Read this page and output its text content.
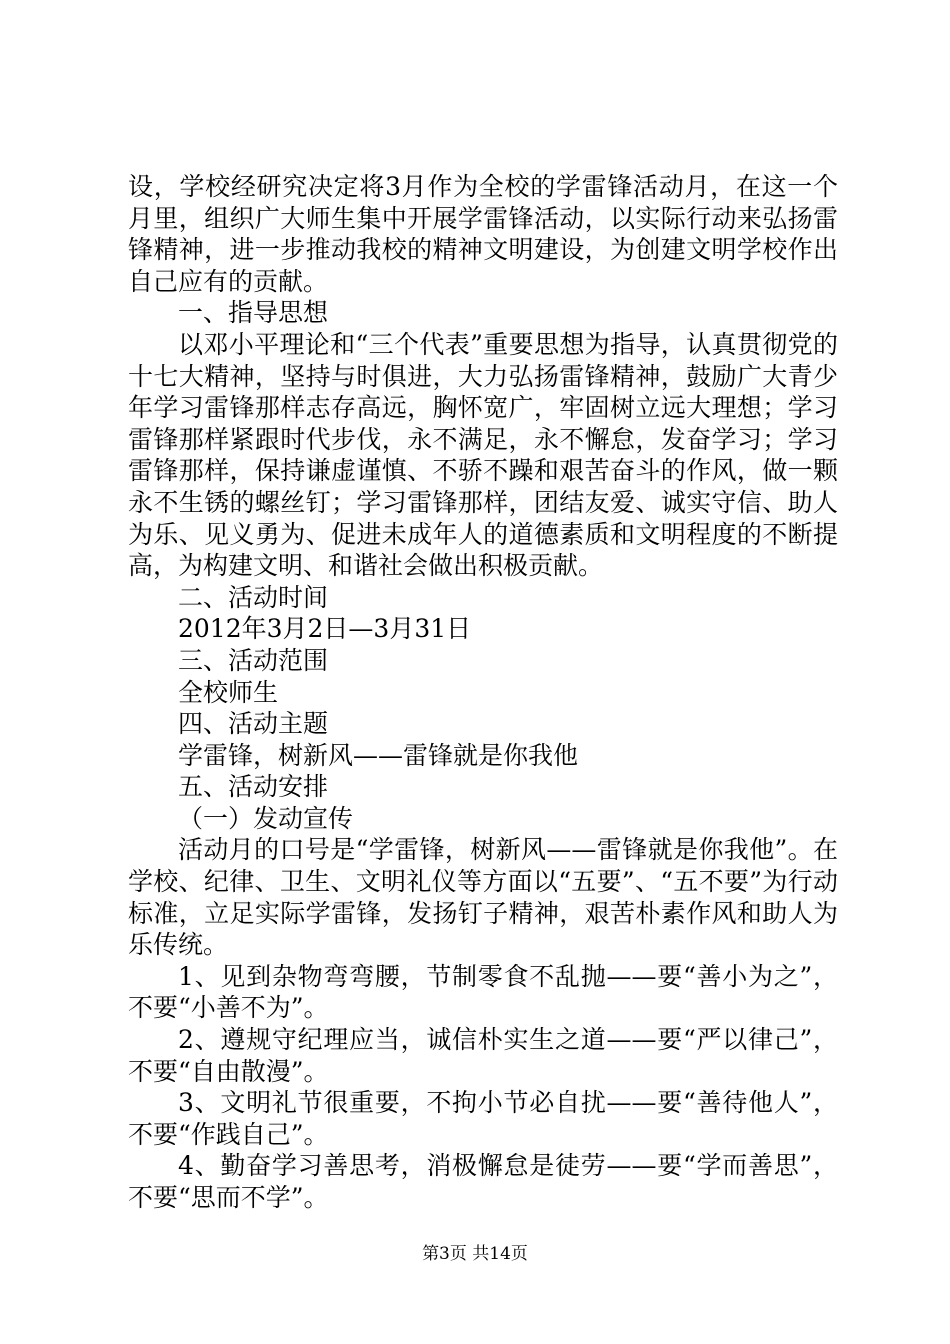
设，学校经研究决定将3月作为全校的学雷锋活动月，在这一个月里，组织广大师生集中开展学雷锋活动，以实际行动来弘扬雷锋精神，进一步推动我校的精神文明建设，为创建文明学校作出自己应有的贡献。

一、指导思想

以邓小平理论和“三个代表”重要思想为指导，认真贯彻党的十七大精神，坚持与时俱进，大力弘扬雷锋精神，鼓励广大青少年学习雷锋那样志存高远，胸怀宽广，牢固树立远大理想；学习雷锋那样紧跟时代步伐，永不满足，永不懈怠，发奋学习；学习雷锋那样，保持谦虚谨慎、不骄不躁和艰苦奋斗的作风，做一颗永不生锈的螺丝钉；学习雷锋那样，团结友爱、诚实守信、助人为乐、见义勇为、促进未成年人的道德素质和文明程度的不断提高，为构建文明、和谐社会做出积极贡献。

二、活动时间

2012年3月2日—3月31日

三、活动范围

全校师生

四、活动主题

学雷锋，树新风——雷锋就是你我他

五、活动安排

（一）发动宣传

活动月的口号是“学雷锋，树新风——雷锋就是你我他”。在学校、纪律、卫生、文明礼仪等方面以“五要”、“五不要”为行动标准，立足实际学雷锋，发扬钉子精神，艰苦朴素作风和助人为乐传统。

1、见到杂物弯弯腰，节制零食不乱抛——要“善小为之”，不要“小善不为”。

2、遵规守纪理应当，诚信朴实生之道——要“严以律己”，不要“自由散漫”。

3、文明礼节很重要，不拘小节必自扰——要“善待他人”，不要“作践自己”。

4、勤奋学习善思考，消极懈怠是徒劳——要“学而善思”，不要“思而不学”。

第3页 共14页
